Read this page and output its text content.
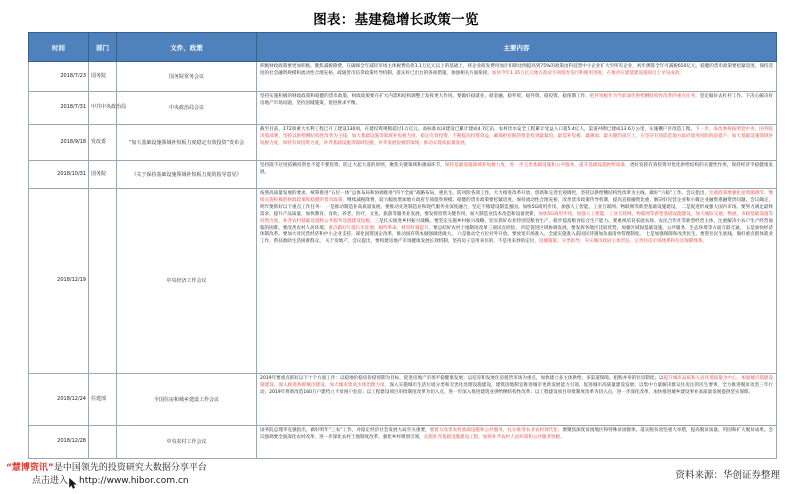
图表：基建稳增长政策一览
时间	部门	文件、政策	主要内容
2018/7/23	国务院	国务院常务会议	积极财政政策要更加积极。聚焦减税降费，在确保全年减轻市场主体税费负担1.1万亿元以上的基础上，将企业研发费用加计扣除比例提高到75%的政策由科技型中小企业扩大至所有企业，初步测算全年可减税650亿元。稳健的货币政策要松紧适度。保持适度的社会融资规模和流动性合理充裕，疏通货币信贷政策传导机制，落实好已出台的各项措施，加强相关方面衔接。加快今年1.35万亿元地方政府专项债券发行和使用进度，在推动在建基建设施项目上早见成效。

2018/7/31	中共中央政治局	中央政治局会议	坚持实施积极的财政政策和稳健的货币政策，财政政策要在扩大内需和结构调整上发挥更大作用。要做好稳就业、稳金融、稳外贸、稳外资、稳投资、稳预期工作，把补短板作为当前深化供给侧结构性改革的重点任务。坚定做好去杠杆工作。下决心解决好房地产市场问题，坚持因城施策，促进供求平衡。

2018/9/18	发改委	“加大基础设施领域补短板力度稳定有效投资”发布会	截至目前，172项重大水利工程已开工建设130项，在建投资规模超过1万亿元。高标准农田建设已累计建成4.7亿亩，农村饮水安全工程累计受益人口超5.4亿人，渠道衬砌已建成13.6万公里，实施棚户区改造工程。下一步，发改委将按照党中央、国务院决策部署，坚持以供给侧结构性改革为主线，加大基础设施等领域补短板力度，稳定有效投资，不断提高投资效益，确保把有限的资金投到最紧迫、最需补短板、最薄弱、最关键的项目上，在坚决有效防范地方政府债务风险的前提下，加大基础设施领域补短板力度，保持有效投资力度，补齐基础设施等领域短板，补齐发展短板的领域，推动实现高质量发展。

2018/10/31	国务院	《关于保持基础设施领域补短板力度的指导意见》	坚持既不过度依赖投资也不能不要投资、防止大起大落的原则，聚焦关键领域和薄弱环节，保持基础设施领域补短板力度，进一步完善基础设施和公共服务，提升基础设施供给质量，更好发挥有效投资对优化供给结构的关键性作用，保持经济平稳健康发展。

2018/12/19		中央经济工作会议	按照高质量发展的要求，统筹推进“五位一体”总体布局和协调推进“四个全面”战略布局、惠民生、防风险各项工作，大力推进改革开放，创新和完善宏观调控，坚持以供给侧结构性改革为主线，做好“六稳”工作。会议指出，宏观政策要强化逆周期调节，继续实施积极的财政政策和稳健的货币政策，继续减税降费，较大幅度增加地方政府专项债券规模；稳健的货币政策要松紧适度，保持流动性合理充裕，改善货币政策传导机制，提高直接融资比重，解决好民营企业和小微企业融资难融资贵问题。会议确定，明年要抓好以下重点工作任务： 一是推动制造业高质量发展。要推动先进制造业和现代服务业深度融合，坚定不移建设制造强国。加快5G商用步伐，加强人工智能、工业互联网、物联网等新型基础设施建设。 二是促进形成强大国内市场。要努力满足最终需求，提升产品质量，加快教育、育幼、养老、医疗、文化、旅游等服务业发展。要发挥投资关键作用，加大制造业技术改造和设备更新，加快5G商用步伐，加强人工智能、工业互联网、物联网等新型基础设施建设，加大城际交通、物流、市政基础设施等投资力度，补齐农村基础设施和公共服务设施建设短板。三是扎实推进乡村振兴战略。要坚定实施乡村振兴战略，切实抓好农业特别是粮食生产，稳步提高粮食综合生产能力。要重视培育家庭农场、农民合作社等新型经营主体，注重解决小农户生产经营面临的困难。要改善农村人居环境，重点做好垃圾污水处理、厕所革命、村容村貌提升，要总结好农村土地制度改革三项试点经验。 四是促进区域协调发展。要发挥各地区比较优势，加强区域间基础设施、公共服务、生态环境等方面互联互通。 五是加快经济体制改革。要加大对民营经济和中小企业支持，深化国资国企改革，推动国有资本做强做优做大。 六是推动全方位对外开放。要放宽市场准入，全面实施准入前国民待遇加负面清单管理制度。 七是加强保障和改善民生。要兜住民生底线，做好重点群体就业工作，帮扶救助生活困难群众。 关于房地产，会议提出，要构建房地产市场健康发展长效机制，坚持房子是用来住的、不是用来炒的定位，因城施策、分类指导，夯实城市政府主体责任，完善住房市场体系和住房保障体系。

2018/12/24	住建部	全国住房和城乡建设工作会议	2019年要重点抓好以下十个方面工作：以稳地价稳房价稳预期为目标，促进房地产市场平稳健康发展；以培育和发展住房租赁市场为重点，加快建立多主体供给、多渠道保障、租购并举的住房制度；以提升城市品质和人居环境质量为中心，加强城市基础设施建设，深入推进海绵城市建设，加大城市黑臭水体治理力度，深入实施城市生活垃圾分类和无害化处理设施建设，建筑因地制宜推进城市更新发展能力引领，促进城市高质量建设发展；以集中力量解决群众住房注的民生要事，全力推进脱贫攻坚三年行动，2019年将新改造160万户建档立卡贫困户危房；以工程建设项目审批制度改革为切入点，进一步深入推进建筑业供给侧结构性改革；以工程建设项目审批制度改革为切入点，进一步深化改革，加快推进城乡建设事业高质量发展提供坚实保障。

2018/12/28		中央农村工作会议	国务院总理李克强指出，做好明年“三农”工作，对稳定经济社会发展大局至关重要，要着力改善农村基础设施和公共服务，扎实推进农业农村现代化；要聚焦深度贫困地区和特殊贫困群体，落实脱贫攻坚重大举措，提高脱贫质量，巩固和扩大脱贫成果。会议强调要全面深化农村改革，进一步深化农村土地制度改革，强化乡村规划引领，实施补齐基础设施建设工程，加快补齐农村人居环境和公共服务短板。

“慧博资讯”是中国领先的投资研究大数据分享平台
点击进入 http://www.hibor.com.cn	资料来源：华创证券整理
